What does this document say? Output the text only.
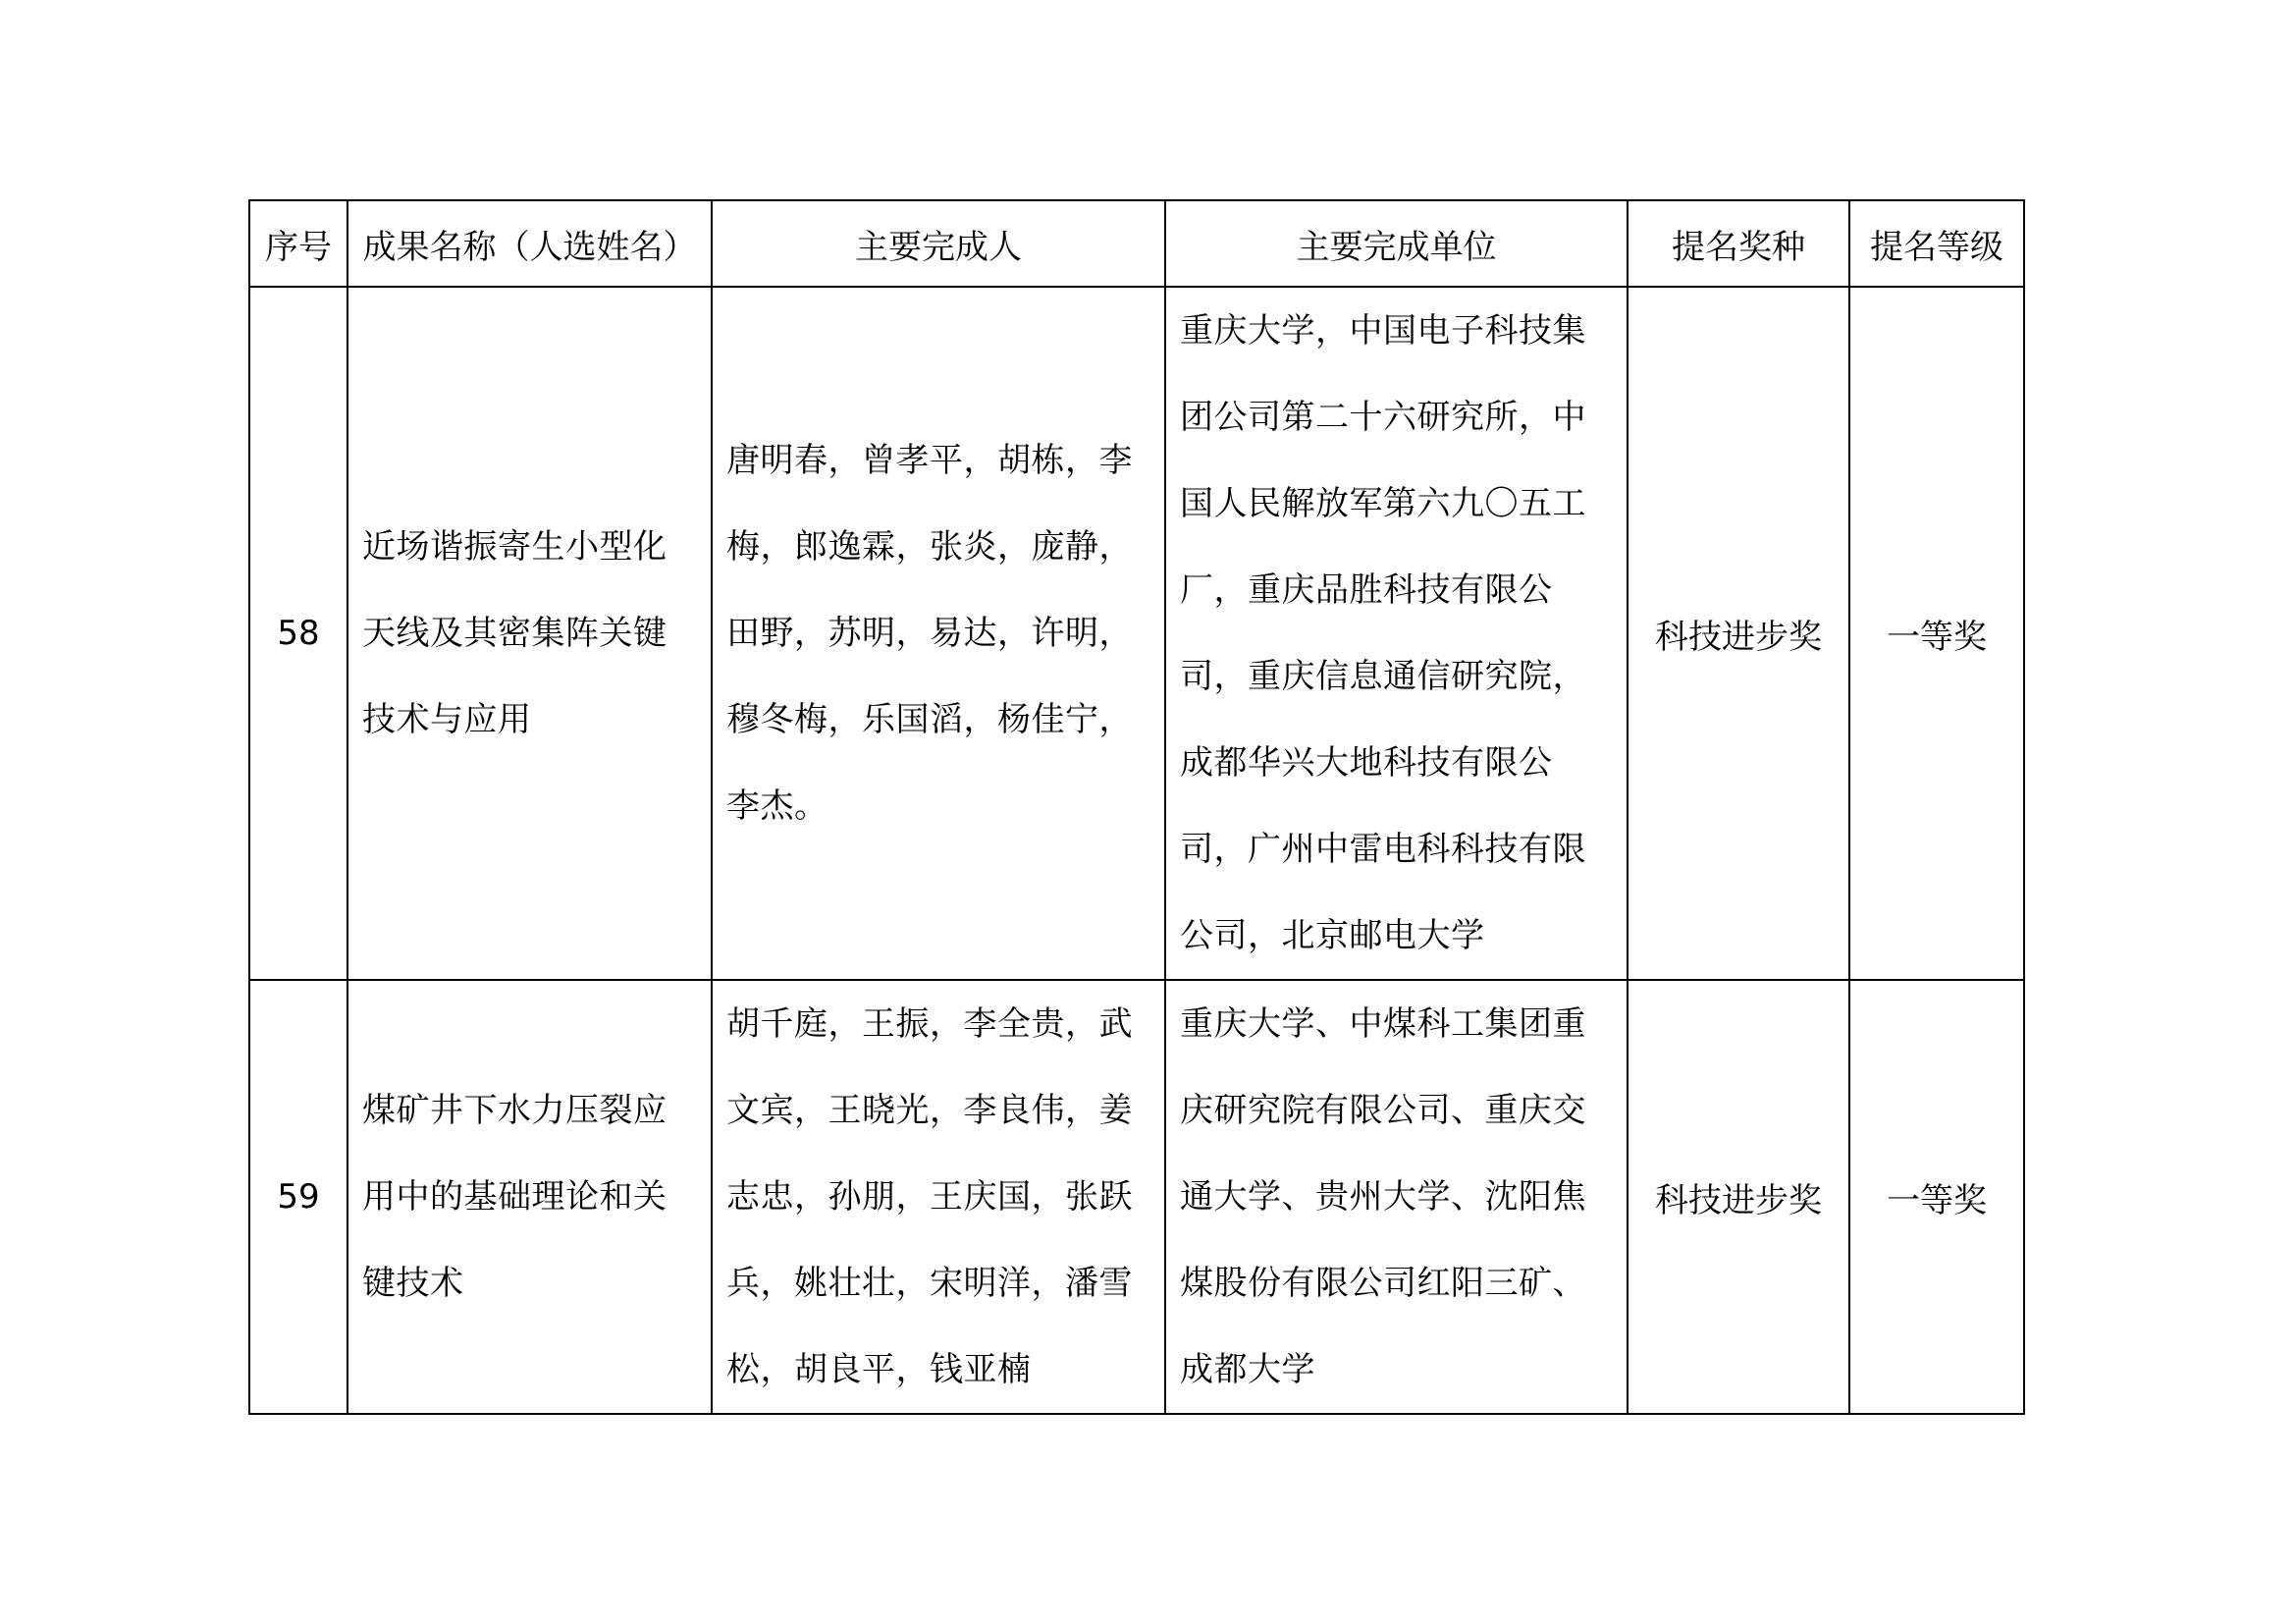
序号	成果名称（人选姓名）	主要完成人	主要完成单位	提名奖种	提名等级
58	近场谐振寄生小型化天线及其密集阵关键技术与应用	唐明春，曾孝平，胡栋，李梅，郎逸霖，张炎，庞静，田野，苏明，易达，许明，穆冬梅，乐国滔，杨佳宁，李杰。	重庆大学，中国电子科技集团公司第二十六研究所，中国人民解放军第六九〇五工厂，重庆品胜科技有限公司，重庆信息通信研究院，成都华兴大地科技有限公司，广州中雷电科科技有限公司，北京邮电大学	科技进步奖	一等奖
59	煤矿井下水力压裂应用中的基础理论和关键技术	胡千庭，王振，李全贵，武文宾，王晓光，李良伟，姜志忠，孙朋，王庆国，张跃兵，姚壮壮，宋明洋，潘雪松，胡良平，钱亚楠	重庆大学、中煤科工集团重庆研究院有限公司、重庆交通大学、贵州大学、沈阳焦煤股份有限公司红阳三矿、成都大学	科技进步奖	一等奖
